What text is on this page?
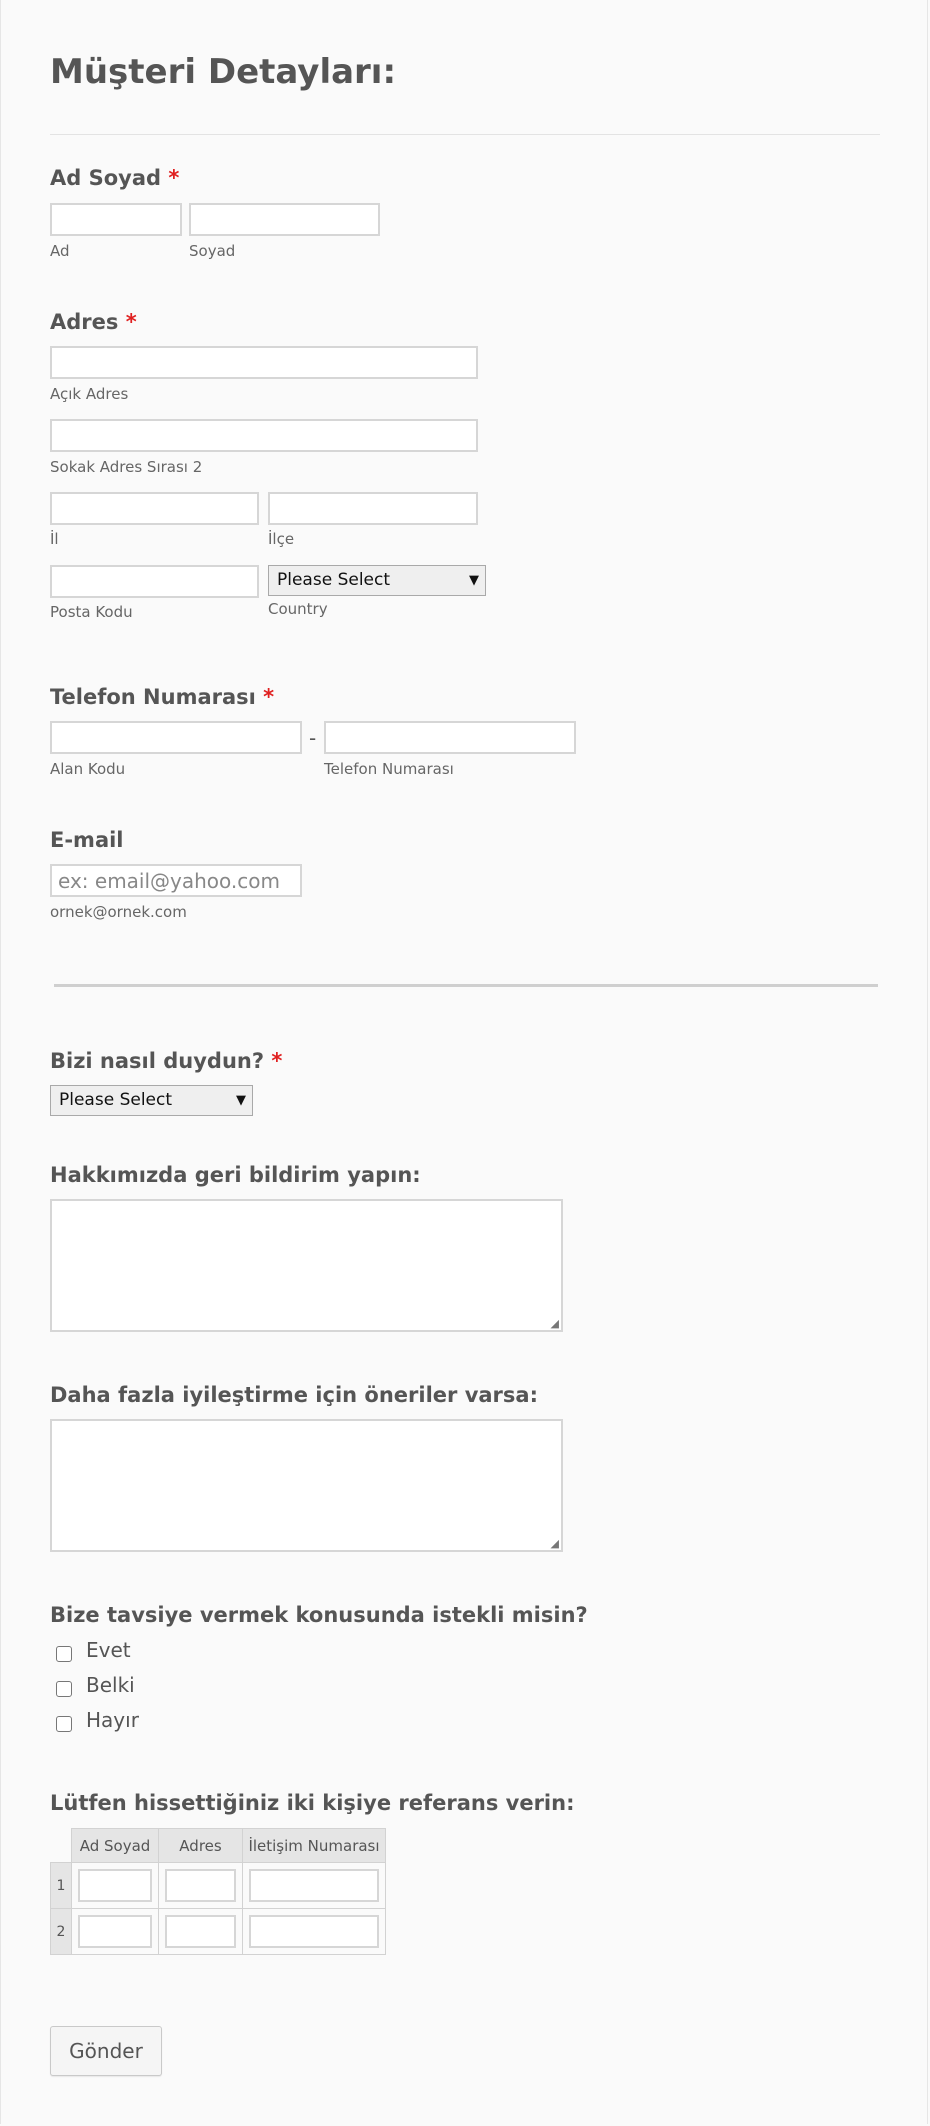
Müşteri Detayları:
Ad Soyad *
Ad	Soyad
Adres *
Açık Adres
Sokak Adres Sırası 2
İl	İlçe
Please Select	▼
Posta Kodu	Country
Telefon Numarası *
-
Alan Kodu	Telefon Numarası
E-mail
ex: email@yahoo.com
ornek@ornek.com
Bizi nasıl duydun? *
Please Select	▼
Hakkımızda geri bildirim yapın:
◢
Daha fazla iyileştirme için öneriler varsa:
◢
Bize tavsiye vermek konusunda istekli misin?
Evet
Belki
Hayır
Lütfen hissettiğiniz iki kişiye referans verin:
	Ad Soyad	Adres	İletişim Numarası
1	

2	

Gönder
